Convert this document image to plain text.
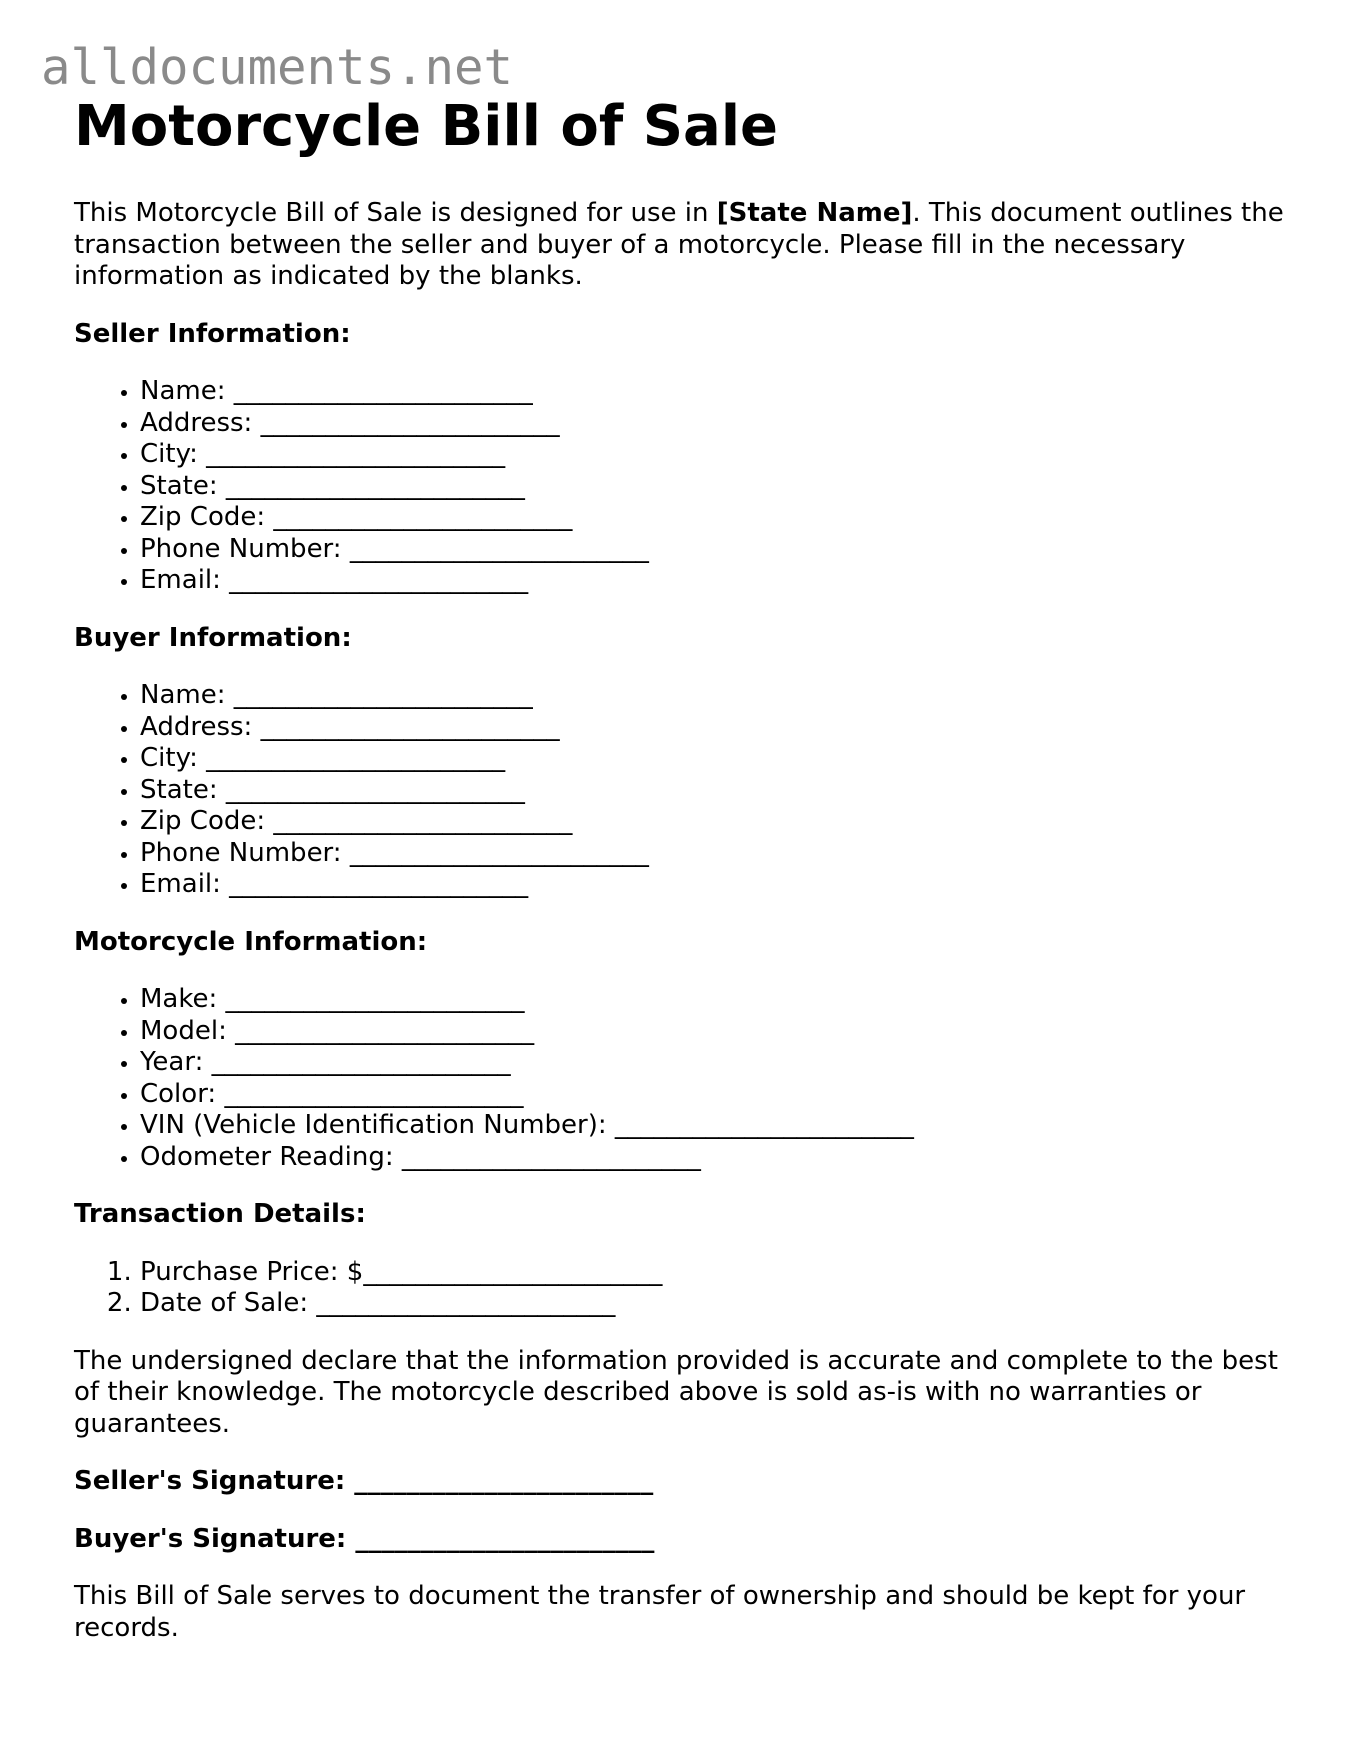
alldocuments.net
Motorcycle Bill of Sale

This Motorcycle Bill of Sale is designed for use in [State Name]. This document outlines the transaction between the seller and buyer of a motorcycle. Please fill in the necessary information as indicated by the blanks.

Seller Information:
• Name: _______________________
• Address: _______________________
• City: _______________________
• State: _______________________
• Zip Code: _______________________
• Phone Number: _______________________
• Email: _______________________
Buyer Information:
• Name: _______________________
• Address: _______________________
• City: _______________________
• State: _______________________
• Zip Code: _______________________
• Phone Number: _______________________
• Email: _______________________
Motorcycle Information:
• Make: _______________________
• Model: _______________________
• Year: _______________________
• Color: _______________________
• VIN (Vehicle Identification Number): _______________________
• Odometer Reading: _______________________
Transaction Details:
1. Purchase Price: $_______________________
2. Date of Sale: _______________________

The undersigned declare that the information provided is accurate and complete to the best of their knowledge. The motorcycle described above is sold as-is with no warranties or guarantees.

Seller's Signature: _______________________

Buyer's Signature: _______________________

This Bill of Sale serves to document the transfer of ownership and should be kept for your records.
